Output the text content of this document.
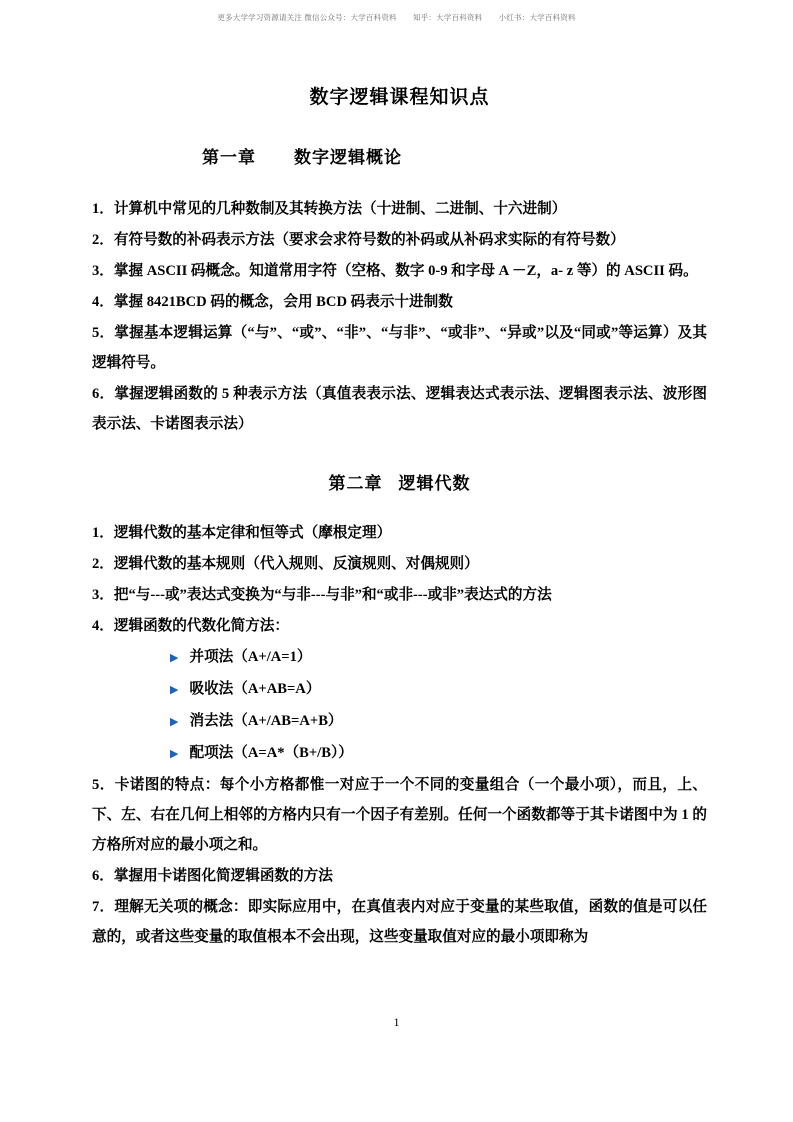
更多大学学习资源请关注 微信公众号：大学百科资料 知乎：大学百科资料 小红书：大学百科资料
数字逻辑课程知识点
第一章 数字逻辑概论
1．计算机中常见的几种数制及其转换方法（十进制、二进制、十六进制）
2．有符号数的补码表示方法（要求会求符号数的补码或从补码求实际的有符号数）
3．掌握 ASCII 码概念。知道常用字符（空格、数字 0-9 和字母 A －Z，a- z 等）的 ASCII 码。
4．掌握 8421BCD 码的概念，会用 BCD 码表示十进制数
5．掌握基本逻辑运算（“与”、“或”、“非”、“与非”、“或非”、“异或”以及“同或”等运算）及其逻辑符号。
6．掌握逻辑函数的 5 种表示方法（真值表表示法、逻辑表达式表示法、逻辑图表示法、波形图表示法、卡诺图表示法）
第二章 逻辑代数
1．逻辑代数的基本定律和恒等式（摩根定理）
2．逻辑代数的基本规则（代入规则、反演规则、对偶规则）
3．把“与---或”表达式变换为“与非---与非”和“或非---或非”表达式的方法
4．逻辑函数的代数化简方法：
▶ 并项法（A+/A=1）
▶ 吸收法（A+AB=A）
▶ 消去法（A+/AB=A+B）
▶ 配项法（A=A*（B+/B））
5．卡诺图的特点：每个小方格都惟一对应于一个不同的变量组合（一个最小项），而且，上、下、左、右在几何上相邻的方格内只有一个因子有差别。任何一个函数都等于其卡诺图中为 1 的方格所对应的最小项之和。
6．掌握用卡诺图化简逻辑函数的方法
7．理解无关项的概念：即实际应用中，在真值表内对应于变量的某些取值，函数的值是可以任意的，或者这些变量的取值根本不会出现，这些变量取值对应的最小项即称为
1
